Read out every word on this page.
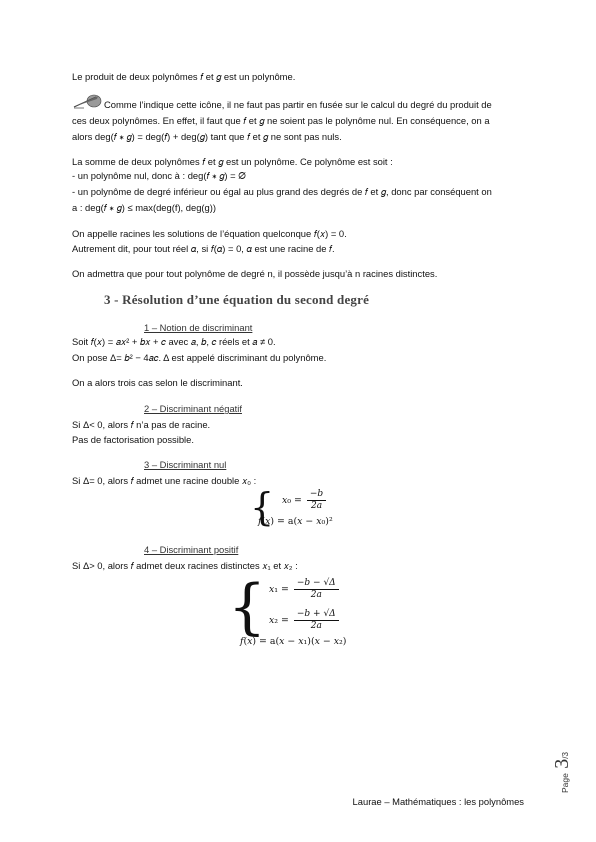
Le produit de deux polynômes 𝑓 et 𝑔 est un polynôme.
Comme l’indique cette icône, il ne faut pas partir en fusée sur le calcul du degré du produit de
ces deux polynômes. En effet, il faut que 𝑓 et 𝑔 ne soient pas le polynôme nul. En conséquence, on a
alors deg(𝑓 ∗ 𝑔) = deg(𝑓) + deg(𝑔) tant que 𝑓 et 𝑔 ne sont pas nuls.
La somme de deux polynômes 𝑓 et 𝑔 est un polynôme. Ce polynôme est soit :
- un polynôme nul, donc à : deg(𝑓 ∗ 𝑔) = ∅
- un polynôme de degré inférieur ou égal au plus grand des degrés de 𝑓 et 𝑔, donc par conséquent on
a : deg(𝑓 ∗ 𝑔) ≤ max(deg(f), deg(g))
On appelle racines les solutions de l’équation quelconque 𝑓(𝑥) = 0.
Autrement dit, pour tout réel 𝛼, si 𝑓(𝛼) = 0, 𝛼 est une racine de 𝑓.
On admettra que pour tout polynôme de degré n, il possède jusqu’à n racines distinctes.
3 - Résolution d’une équation du second degré
1 – Notion de discriminant
Soit 𝑓(𝑥) = 𝑎𝑥² + 𝑏𝑥 + 𝑐 avec 𝑎, 𝑏, 𝑐 réels et 𝑎 ≠ 0.
On pose Δ= 𝑏² − 4𝑎𝑐. Δ est appelé discriminant du polynôme.
On a alors trois cas selon le discriminant.
2 – Discriminant négatif
Si Δ< 0, alors 𝑓 n’a pas de racine.
Pas de factorisation possible.
3 – Discriminant nul
Si Δ= 0, alors 𝑓 admet une racine double 𝑥₀ :
{ 𝑥₀ = $\frac{\text{−𝑏}}{\text{2𝑎}}$
𝑓(𝑥) = a(𝑥 − 𝑥₀)²
4 – Discriminant positif
Si Δ> 0, alors 𝑓 admet deux racines distinctes 𝑥₁ et 𝑥₂ :
{ 𝑥₁ = $\frac{\text{−𝑏 − √Δ}}{\text{2𝑎}}$
𝑥₂ = $\frac{\text{−𝑏 + √Δ}}{\text{2𝑎}}$
𝑓(𝑥) = a(𝑥 − 𝑥₁)(𝑥 − 𝑥₂)
Page 3/3
Laurae – Mathématiques : les polynômes
